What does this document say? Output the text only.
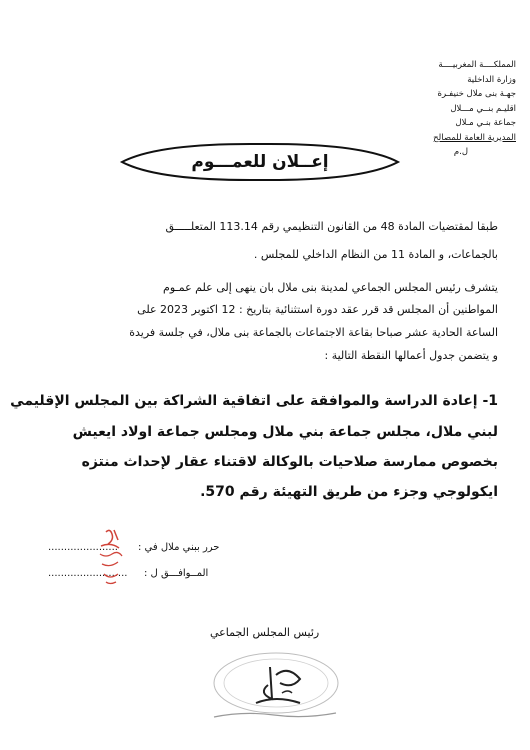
المملكــــة المغربيــــة
وزارة الداخلية
جهـة بنى ملال خنيفـرة
اقليـم بنــي مـــلال
جماعة بنـي مـلال
المديرية العامة للمصالح
ل.م
إعــلان للعمـــوم
طبقا لمقتضيات المادة 48 من القانون التنظيمي رقم 113.14 المتعلـــــق
بالجماعات، و المادة 11 من النظام الداخلي للمجلس .
يتشرف رئيس المجلس الجماعي لمدينة بنى ملال بان ينهى إلى علم عمـوم
المواطنين أن المجلس قد قرر عقد دورة استثنائية بتاريخ : 12 اكتوبر 2023 على
الساعة الحادية عشر صباحا بقاعة الاجتماعات بالجماعة بنى ملال، في جلسة فريدة
و يتضمن جدول أعمالها النقطة التالية :
1- إعادة الدراسة والموافقة على اتفاقية الشراكة بين المجلس الإقليمي
لبني ملال، مجلس جماعة بني ملال ومجلس جماعة اولاد ايعيش
بخصوص ممارسة صلاحيات بالوكالة لاقتناء عقار لإحداث منتزه
ايكولوجي وجزء من طريق التهيئة رقم 570.
حرر ببني ملال في :
......................
المــوافـــق ل :
.........................
رئيس المجلس الجماعي
